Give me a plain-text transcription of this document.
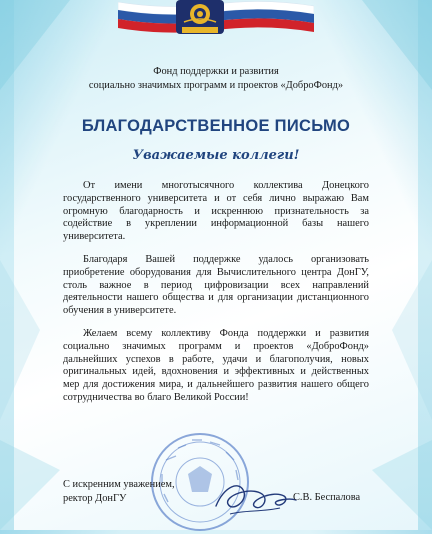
Фонд поддержки и развития
социально значимых программ и проектов «ДоброФонд»
БЛАГОДАРСТВЕННОЕ ПИСЬМО
Уважаемые коллеги!

От имени многотысячного коллектива Донецкого государственного университета и от себя лично выражаю Вам огромную благодарность и искреннюю признательность за содействие в укреплении информационной базы нашего университета.

Благодаря Вашей поддержке удалось организовать приобретение оборудования для Вычислительного центра ДонГУ, столь важное в период цифровизации всех направлений деятельности нашего общества и для организации дистанционного обучения в университете.

Желаем всему коллективу Фонда поддержки и развития социально значимых программ и проектов «ДоброФонд» дальнейших успехов в работе, удачи и благополучия, новых оригинальных идей, вдохновения и эффективных и действенных мер для достижения мира, и дальнейшего развития нашего общего сотрудничества во благо Великой России!

С искренним уважением,
ректор ДонГУ	С.В. Беспалова
